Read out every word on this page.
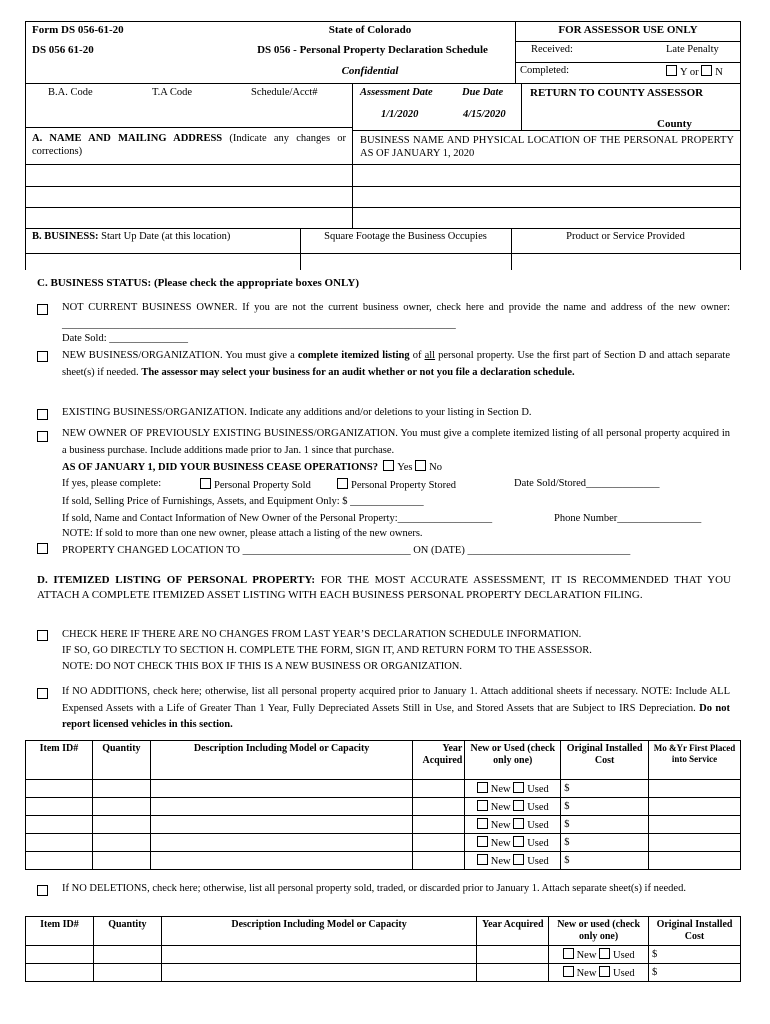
Form DS 056-61-20
DS 056 61-20
State of Colorado
DS 056 - Personal Property Declaration Schedule
Confidential
FOR ASSESSOR USE ONLY
Received:	Late Penalty
Completed:	Y or N
B.A. Code	T.A Code	Schedule/Acct#	Assessment Date	Due Date
1/1/2020	4/15/2020
RETURN TO COUNTY ASSESSOR
County
A. NAME AND MAILING ADDRESS (Indicate any changes or corrections)
BUSINESS NAME AND PHYSICAL LOCATION OF THE PERSONAL PROPERTY AS OF JANUARY 1, 2020
B. BUSINESS: Start Up Date (at this location)	Square Footage the Business Occupies	Product or Service Provided
C. BUSINESS STATUS: (Please check the appropriate boxes ONLY)
NOT CURRENT BUSINESS OWNER. If you are not the current business owner, check here and provide the name and address of the new owner: ___________________________________________________________________________
Date Sold: _______________
NEW BUSINESS/ORGANIZATION. You must give a complete itemized listing of all personal property. Use the first part of Section D and attach separate sheet(s) if needed. The assessor may select your business for an audit whether or not you file a declaration schedule.
EXISTING BUSINESS/ORGANIZATION. Indicate any additions and/or deletions to your listing in Section D.
NEW OWNER OF PREVIOUSLY EXISTING BUSINESS/ORGANIZATION. You must give a complete itemized listing of all personal property acquired in a business purchase. Include additions made prior to Jan. 1 since that purchase.
AS OF JANUARY 1, DID YOUR BUSINESS CEASE OPERATIONS? Yes No
If yes, please complete:	Personal Property Sold	Personal Property Stored	Date Sold/Stored______________
If sold, Selling Price of Furnishings, Assets, and Equipment Only: $ ______________
If sold, Name and Contact Information of New Owner of the Personal Property:__________________	Phone Number________________
NOTE: If sold to more than one new owner, please attach a listing of the new owners.
PROPERTY CHANGED LOCATION TO ________________________________ ON (DATE) _______________________________
D. ITEMIZED LISTING OF PERSONAL PROPERTY: FOR THE MOST ACCURATE ASSESSMENT, IT IS RECOMMENDED THAT YOU ATTACH A COMPLETE ITEMIZED ASSET LISTING WITH EACH BUSINESS PERSONAL PROPERTY DECLARATION FILING.
CHECK HERE IF THERE ARE NO CHANGES FROM LAST YEAR’S DECLARATION SCHEDULE INFORMATION.
IF SO, GO DIRECTLY TO SECTION H. COMPLETE THE FORM, SIGN IT, AND RETURN FORM TO THE ASSESSOR.
NOTE: DO NOT CHECK THIS BOX IF THIS IS A NEW BUSINESS OR ORGANIZATION.
If NO ADDITIONS, check here; otherwise, list all personal property acquired prior to January 1. Attach additional sheets if necessary. NOTE: Include ALL Expensed Assets with a Life of Greater Than 1 Year, Fully Depreciated Assets Still in Use, and Stored Assets that are Subject to IRS Depreciation. Do not report licensed vehicles in this section.
Item ID#	Quantity	Description Including Model or Capacity	Year Acquired	New or Used (check only one)	Original Installed Cost	Mo &Yr First Placed into Service
				New Used	$	
				New Used	$	
				New Used	$	
				New Used	$	
				New Used	$	
If NO DELETIONS, check here; otherwise, list all personal property sold, traded, or discarded prior to January 1. Attach separate sheet(s) if needed.
Item ID#	Quantity	Description Including Model or Capacity	Year Acquired	New or used (check only one)	Original Installed Cost
				New Used	$
				New Used	$
